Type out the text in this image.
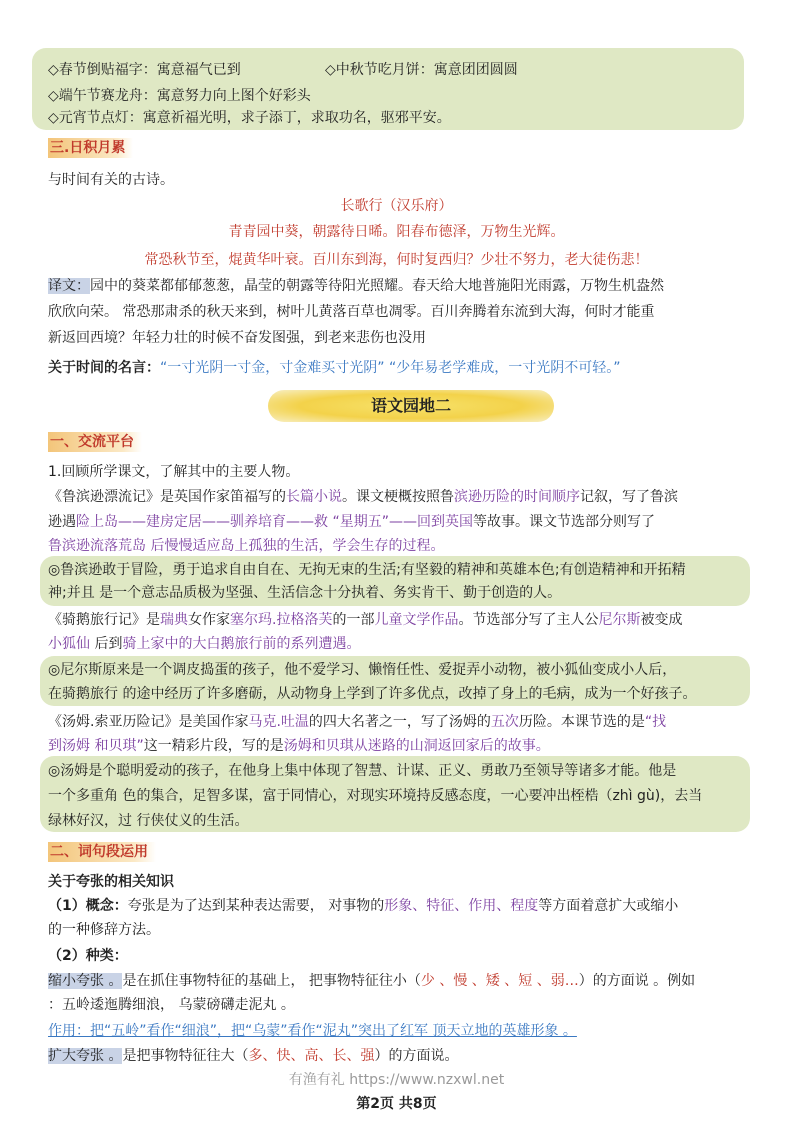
◇春节倒贴福字：寓意福气已到	◇中秋节吃月饼：寓意团团圆圆
◇端午节赛龙舟：寓意努力向上图个好彩头
◇元宵节点灯：寓意祈福光明，求子添丁，求取功名，驱邪平安。
三.日积月累
与时间有关的古诗。
长歌行（汉乐府）
青青园中葵，朝露待日晞。阳春布德泽，万物生光辉。
常恐秋节至，焜黄华叶衰。百川东到海，何时复西归？少壮不努力，老大徒伤悲！
译文：园中的葵菜都郁郁葱葱，晶莹的朝露等待阳光照耀。春天给大地普施阳光雨露，万物生机盎然
欣欣向荣。 常恐那肃杀的秋天来到，树叶儿黄落百草也凋零。百川奔腾着东流到大海，何时才能重
新返回西境？年轻力壮的时候不奋发图强，到老来悲伤也没用
关于时间的名言：“一寸光阴一寸金，寸金难买寸光阴” “少年易老学难成，一寸光阴不可轻。”
语文园地二
一、交流平台
1.回顾所学课文，了解其中的主要人物。
《鲁滨逊漂流记》是英国作家笛福写的长篇小说。课文梗概按照鲁滨逊历险的时间顺序记叙，写了鲁滨
逊遇险上岛——建房定居——驯养培育——救 “星期五”——回到英国等故事。课文节选部分则写了
鲁滨逊流落荒岛 后慢慢适应岛上孤独的生活，学会生存的过程。
◎鲁滨逊敢于冒险，勇于追求自由自在、无拘无束的生活;有坚毅的精神和英雄本色;有创造精神和开拓精
神;并且 是一个意志品质极为坚强、生活信念十分执着、务实肯干、勤于创造的人。
《骑鹅旅行记》是瑞典女作家塞尔玛.拉格洛芙的一部儿童文学作品。节选部分写了主人公尼尔斯被变成
小狐仙 后到骑上家中的大白鹅旅行前的系列遭遇。
◎尼尔斯原来是一个调皮捣蛋的孩子，他不爱学习、懒惰任性、爱捉弄小动物，被小狐仙变成小人后，
在骑鹅旅行 的途中经历了许多磨砺，从动物身上学到了许多优点，改掉了身上的毛病，成为一个好孩子。
《汤姆.索亚历险记》是美国作家马克.吐温的四大名著之一，写了汤姆的五次历险。本课节选的是“找
到汤姆 和贝琪”这一精彩片段，写的是汤姆和贝琪从迷路的山洞返回家后的故事。
◎汤姆是个聪明爱动的孩子，在他身上集中体现了智慧、计谋、正义、勇敢乃至领导等诸多才能。他是
一个多重角 色的集合，足智多谋，富于同情心，对现实环境持反感态度，一心要冲出桎梏（zhì gù)，去当
绿林好汉，过 行侠仗义的生活。
二、词句段运用
关于夸张的相关知识
（1）概念：夸张是为了达到某种表达需要， 对事物的形象、特征、作用、程度等方面着意扩大或缩小
的一种修辞方法。
（2）种类：
缩小夸张 。是在抓住事物特征的基础上， 把事物特征往小（少 、慢 、矮 、短 、弱…）的方面说 。例如
：五岭逶迤腾细浪， 乌蒙磅礴走泥丸 。
作用：把“五岭”看作“细浪”，把“乌蒙”看作“泥丸”突出了红军 顶天立地的英雄形象 。
扩大夸张 。是把事物特征往大（多、快、高、长、强）的方面说。
有渔有礼 https://www.nzxwl.net
第2页 共8页
